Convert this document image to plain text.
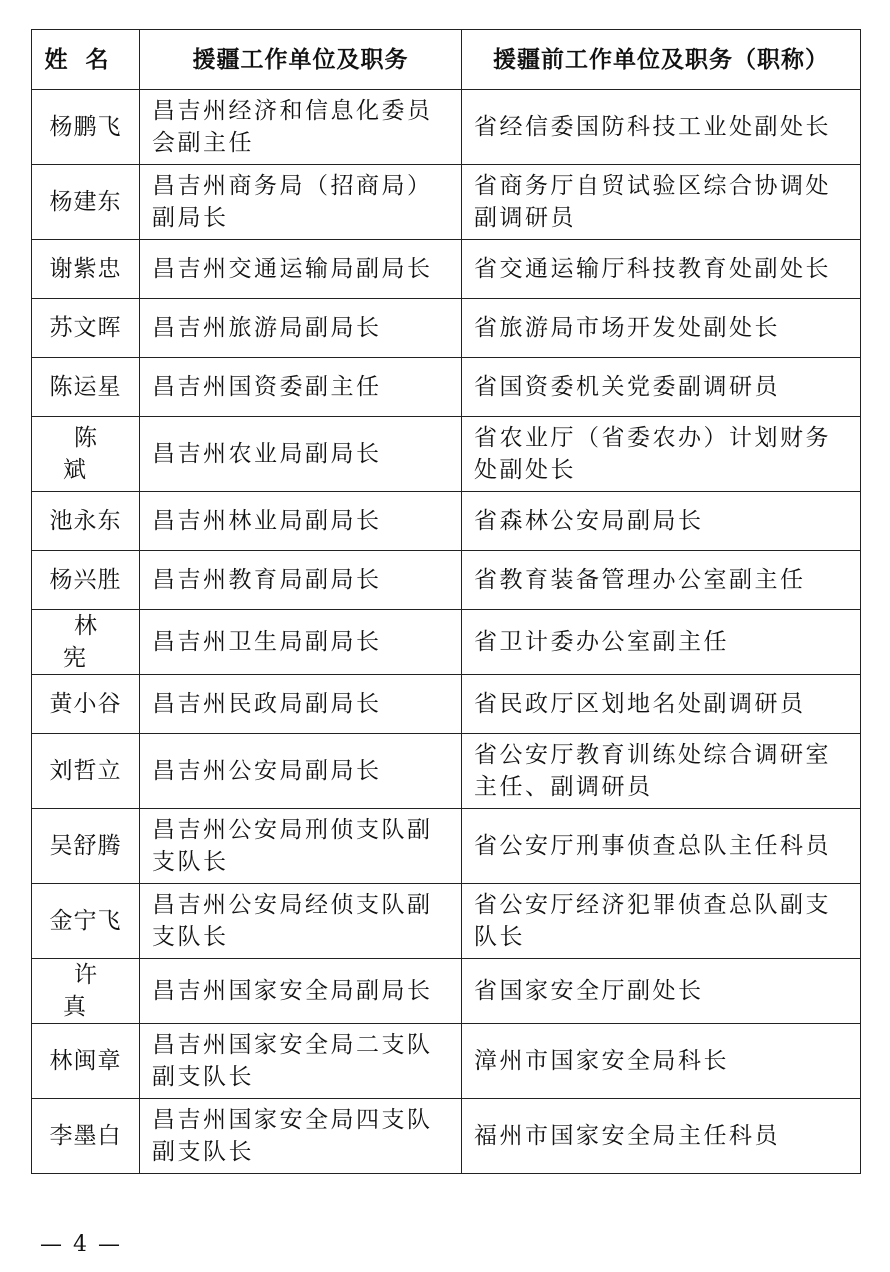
姓名	援疆工作单位及职务	援疆前工作单位及职务（职称）
杨鹏飞	昌吉州经济和信息化委员会副主任	省经信委国防科技工业处副处长
杨建东	昌吉州商务局（招商局）副局长	省商务厅自贸试验区综合协调处副调研员
谢紫忠	昌吉州交通运输局副局长	省交通运输厅科技教育处副处长
苏文晖	昌吉州旅游局副局长	省旅游局市场开发处副处长
陈运星	昌吉州国资委副主任	省国资委机关党委副调研员
陈斌	昌吉州农业局副局长	省农业厅（省委农办）计划财务处副处长
池永东	昌吉州林业局副局长	省森林公安局副局长
杨兴胜	昌吉州教育局副局长	省教育装备管理办公室副主任
林宪	昌吉州卫生局副局长	省卫计委办公室副主任
黄小谷	昌吉州民政局副局长	省民政厅区划地名处副调研员
刘哲立	昌吉州公安局副局长	省公安厅教育训练处综合调研室主任、副调研员
吴舒腾	昌吉州公安局刑侦支队副支队长	省公安厅刑事侦查总队主任科员
金宁飞	昌吉州公安局经侦支队副支队长	省公安厅经济犯罪侦查总队副支队长
许真	昌吉州国家安全局副局长	省国家安全厅副处长
林闽章	昌吉州国家安全局二支队副支队长	漳州市国家安全局科长
李墨白	昌吉州国家安全局四支队副支队长	福州市国家安全局主任科员
— 4 —
